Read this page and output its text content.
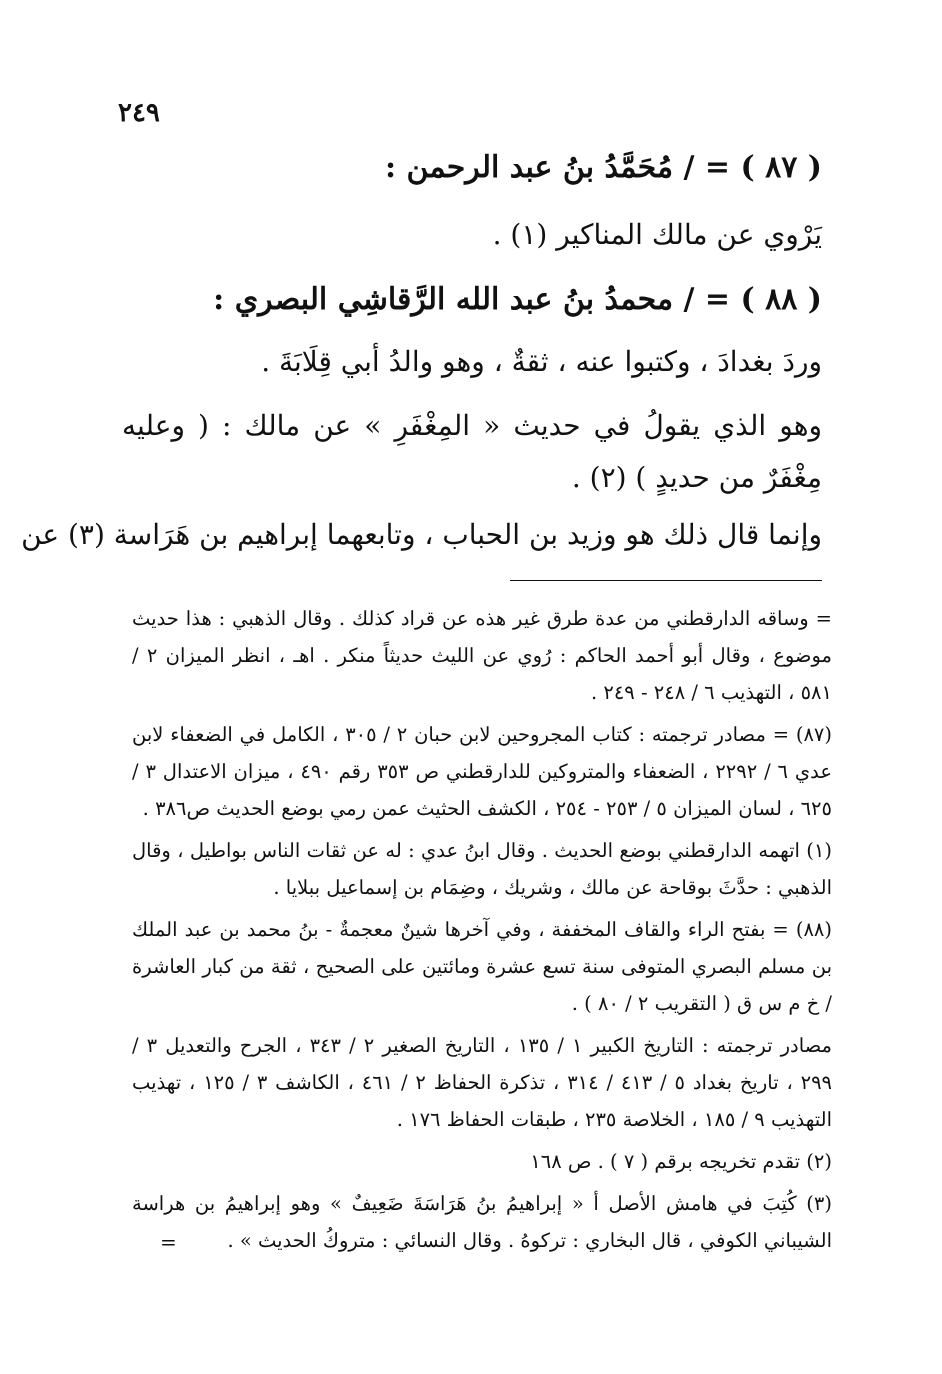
٢٤٩
( ٨٧ ) = / مُحَمَّدُ بنُ عبد الرحمن :
يَرْوي عن مالك المناكير (١) .
( ٨٨ ) = / محمدُ بنُ عبد الله الرَّقاشِي البصري :
وردَ بغدادَ ، وكتبوا عنه ، ثقةٌ ، وهو والدُ أبي قِلَابَةَ .
وهو الذي يقولُ في حديث « المِغْفَرِ » عن مالك : ( وعليه مِغْفَرٌ من حديدٍ ) (٢) .
وإنما قال ذلك هو وزيد بن الحباب ، وتابعهما إبراهيم بن هَرَاسة (٣) عن

= وساقه الدارقطني من عدة طرق غير هذه عن قراد كذلك . وقال الذهبي : هذا حديث موضوع ، وقال أبو أحمد الحاكم : رُوي عن الليث حديثاً منكر . اهـ ، انظر الميزان ٢ / ٥٨١ ، التهذيب ٦ / ٢٤٨ - ٢٤٩ .

(٨٧) = مصادر ترجمته : كتاب المجروحين لابن حبان ٢ / ٣٠٥ ، الكامل في الضعفاء لابن عدي ٦ / ٢٢٩٢ ، الضعفاء والمتروكين للدارقطني ص ٣٥٣ رقم ٤٩٠ ، ميزان الاعتدال ٣ / ٦٢٥ ، لسان الميزان ٥ / ٢٥٣ - ٢٥٤ ، الكشف الحثيث عمن رمي بوضع الحديث ص٣٨٦ .

(١) اتهمه الدارقطني بوضع الحديث . وقال ابنُ عدي : له عن ثقات الناس بواطيل ، وقال الذهبي : حدَّثَ بوقاحة عن مالك ، وشريك ، وضِمَام بن إسماعيل ببلايا .

(٨٨) = بفتح الراء والقاف المخففة ، وفي آخرها شينٌ معجمةٌ - بنُ محمد بن عبد الملك بن مسلم البصري المتوفى سنة تسع عشرة ومائتين على الصحيح ، ثقة من كبار العاشرة / خ م س ق ( التقريب ٢ / ٨٠ ) .

مصادر ترجمته : التاريخ الكبير ١ / ١٣٥ ، التاريخ الصغير ٢ / ٣٤٣ ، الجرح والتعديل ٣ / ٢٩٩ ، تاريخ بغداد ٥ / ٤١٣ / ٣١٤ ، تذكرة الحفاظ ٢ / ٤٦١ ، الكاشف ٣ / ١٢٥ ، تهذيب التهذيب ٩ / ١٨٥ ، الخلاصة ٢٣٥ ، طبقات الحفاظ ١٧٦ .

(٢) تقدم تخريجه برقم ( ٧ ) . ص ١٦٨

(٣) كُتِبَ في هامش الأصل أ « إبراهيمُ بنُ هَرَاسَةَ ضَعِيفٌ » وهو إبراهيمُ بن هراسة الشيباني الكوفي ، قال البخاري : تركوهُ . وقال النسائي : متروكُ الحديث » .

=
